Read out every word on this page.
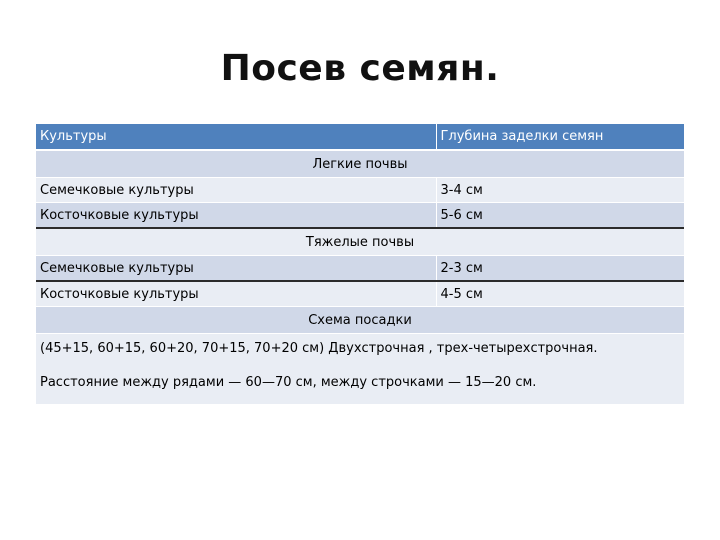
Посев семян.
Культуры	Глубина заделки семян
Легкие почвы	
Семечковые культуры	3-4 см
Косточковые культуры	5-6 см
Тяжелые почвы	
Семечковые культуры	2-3 см
Косточковые культуры	4-5 см
Схема посадки	

(45+15, 60+15, 60+20, 70+15, 70+20 см) Двухстрочная , трех-четырехстрочная.

Расстояние между рядами — 60—70 см, между строчками — 15—20 см.	
